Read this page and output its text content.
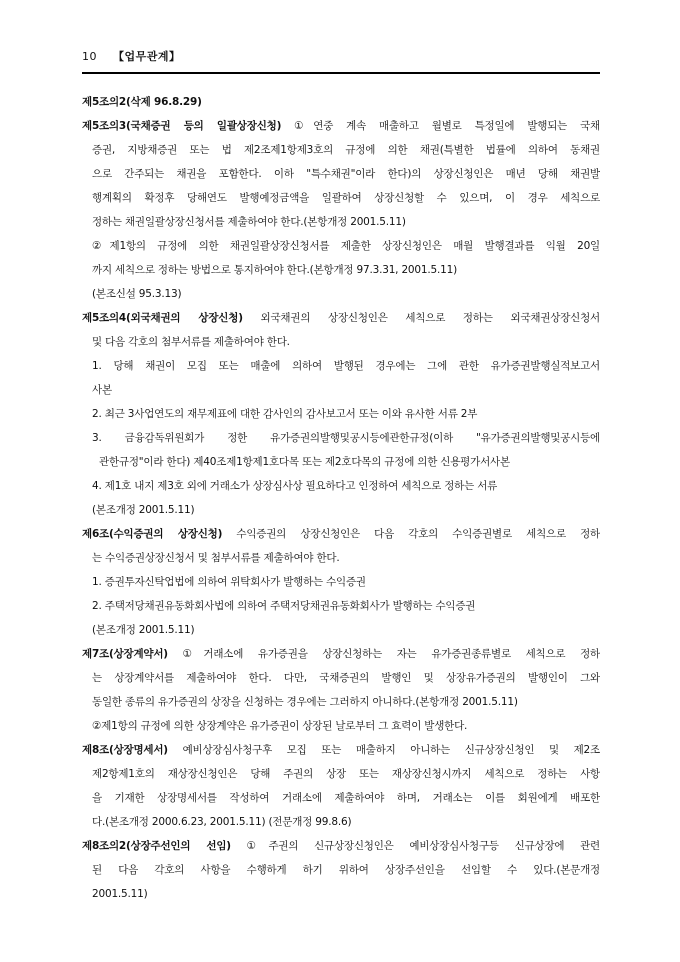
10 【업무관계】
제5조의2(삭제 96.8.29)
제5조의3(국채증권 등의 일괄상장신청) ①연중 계속 매출하고 월별로 특정일에 발행되는 국채
증권, 지방채증권 또는 법 제2조제1항제3호의 규정에 의한 채권(특별한 법률에 의하여 동채권
으로 간주되는 채권을 포함한다. 이하 "특수채권"이라 한다)의 상장신청인은 매년 당해 채권발
행계획의 확정후 당해연도 발행예정금액을 일괄하여 상장신청할 수 있으며, 이 경우 세칙으로
정하는 채권일괄상장신청서를 제출하여야 한다.(본항개정 2001.5.11)
②제1항의 규정에 의한 채권일괄상장신청서를 제출한 상장신청인은 매월 발행결과를 익월 20일
까지 세칙으로 정하는 방법으로 통지하여야 한다.(본항개정 97.3.31, 2001.5.11)
(본조신설 95.3.13)
제5조의4(외국채권의 상장신청) 외국채권의 상장신청인은 세칙으로 정하는 외국채권상장신청서
및 다음 각호의 첨부서류를 제출하여야 한다.
1. 당해 채권이 모집 또는 매출에 의하여 발행된 경우에는 그에 관한 유가증권발행실적보고서
사본
2. 최근 3사업연도의 재무제표에 대한 감사인의 감사보고서 또는 이와 유사한 서류 2부
3. 금융감독위원회가 정한 유가증권의발행및공시등에관한규정(이하 "유가증권의발행및공시등에
관한규정"이라 한다) 제40조제1항제1호다목 또는 제2호다목의 규정에 의한 신용평가서사본
4. 제1호 내지 제3호 외에 거래소가 상장심사상 필요하다고 인정하여 세칙으로 정하는 서류
(본조개정 2001.5.11)
제6조(수익증권의 상장신청) 수익증권의 상장신청인은 다음 각호의 수익증권별로 세칙으로 정하
는 수익증권상장신청서 및 첨부서류를 제출하여야 한다.
1. 증권투자신탁업법에 의하여 위탁회사가 발행하는 수익증권
2. 주택저당채권유동화회사법에 의하여 주택저당채권유동화회사가 발행하는 수익증권
(본조개정 2001.5.11)
제7조(상장계약서) ①거래소에 유가증권을 상장신청하는 자는 유가증권종류별로 세칙으로 정하
는 상장계약서를 제출하여야 한다. 다만, 국채증권의 발행인 및 상장유가증권의 발행인이 그와
동일한 종류의 유가증권의 상장을 신청하는 경우에는 그러하지 아니하다.(본항개정 2001.5.11)
②제1항의 규정에 의한 상장계약은 유가증권이 상장된 날로부터 그 효력이 발생한다.
제8조(상장명세서) 예비상장심사청구후 모집 또는 매출하지 아니하는 신규상장신청인 및 제2조
제2항제1호의 재상장신청인은 당해 주권의 상장 또는 재상장신청시까지 세칙으로 정하는 사항
을 기재한 상장명세서를 작성하여 거래소에 제출하여야 하며, 거래소는 이를 회원에게 배포한
다.(본조개정 2000.6.23, 2001.5.11) (전문개정 99.8.6)
제8조의2(상장주선인의 선임) ①주권의 신규상장신청인은 예비상장심사청구등 신규상장에 관련
된 다음 각호의 사항을 수행하게 하기 위하여 상장주선인을 선임할 수 있다.(본문개정
2001.5.11)
